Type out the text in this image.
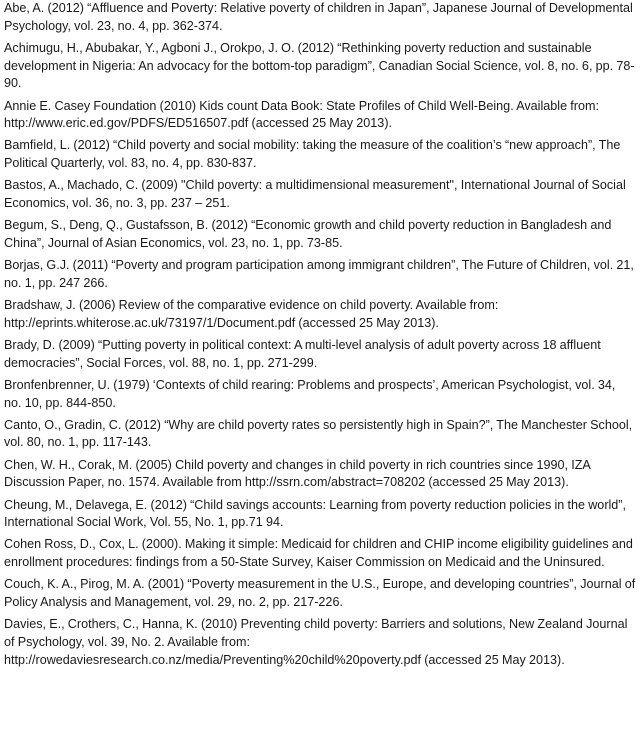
Abe, A. (2012) “Affluence and Poverty: Relative poverty of children in Japan”, Japanese Journal of Developmental Psychology, vol. 23, no. 4, pp. 362-374.

Achimugu, H., Abubakar, Y., Agboni J., Orokpo, J. O. (2012) “Rethinking poverty reduction and sustainable development in Nigeria: An advocacy for the bottom-top paradigm”, Canadian Social Science, vol. 8, no. 6, pp. 78-90.

Annie E. Casey Foundation (2010) Kids count Data Book: State Profiles of Child Well-Being. Available from: http://www.eric.ed.gov/PDFS/ED516507.pdf (accessed 25 May 2013).

Bamfield, L. (2012) “Child poverty and social mobility: taking the measure of the coalition’s “new approach”, The Political Quarterly, vol. 83, no. 4, pp. 830-837.

Bastos, A., Machado, C. (2009) "Child poverty: a multidimensional measurement", International Journal of Social Economics, vol. 36, no. 3, pp. 237 – 251.

Begum, S., Deng, Q., Gustafsson, B. (2012) “Economic growth and child poverty reduction in Bangladesh and China”, Journal of Asian Economics, vol. 23, no. 1, pp. 73-85.

Borjas, G.J. (2011) “Poverty and program participation among immigrant children”, The Future of Children, vol. 21, no. 1, pp. 247 266.

Bradshaw, J. (2006) Review of the comparative evidence on child poverty. Available from: http://eprints.whiterose.ac.uk/73197/1/Document.pdf (accessed 25 May 2013).

Brady, D. (2009) “Putting poverty in political context: A multi-level analysis of adult poverty across 18 affluent democracies”, Social Forces, vol. 88, no. 1, pp. 271-299.

Bronfenbrenner, U. (1979) ‘Contexts of child rearing: Problems and prospects’, American Psychologist, vol. 34, no. 10, pp. 844-850.

Canto, O., Gradin, C. (2012) “Why are child poverty rates so persistently high in Spain?”, The Manchester School, vol. 80, no. 1, pp. 117-143.

Chen, W. H., Corak, M. (2005) Child poverty and changes in child poverty in rich countries since 1990, IZA Discussion Paper, no. 1574. Available from http://ssrn.com/abstract=708202 (accessed 25 May 2013).

Cheung, M., Delavega, E. (2012) “Child savings accounts: Learning from poverty reduction policies in the world”, International Social Work, Vol. 55, No. 1, pp.71 94.

Cohen Ross, D., Cox, L. (2000). Making it simple: Medicaid for children and CHIP income eligibility guidelines and enrollment procedures: findings from a 50-State Survey, Kaiser Commission on Medicaid and the Uninsured.

Couch, K. A., Pirog, M. A. (2001) “Poverty measurement in the U.S., Europe, and developing countries”, Journal of Policy Analysis and Management, vol. 29, no. 2, pp. 217-226.

Davies, E., Crothers, C., Hanna, K. (2010) Preventing child poverty: Barriers and solutions, New Zealand Journal of Psychology, vol. 39, No. 2. Available from: http://rowedaviesresearch.co.nz/media/Preventing%20child%20poverty.pdf (accessed 25 May 2013).
